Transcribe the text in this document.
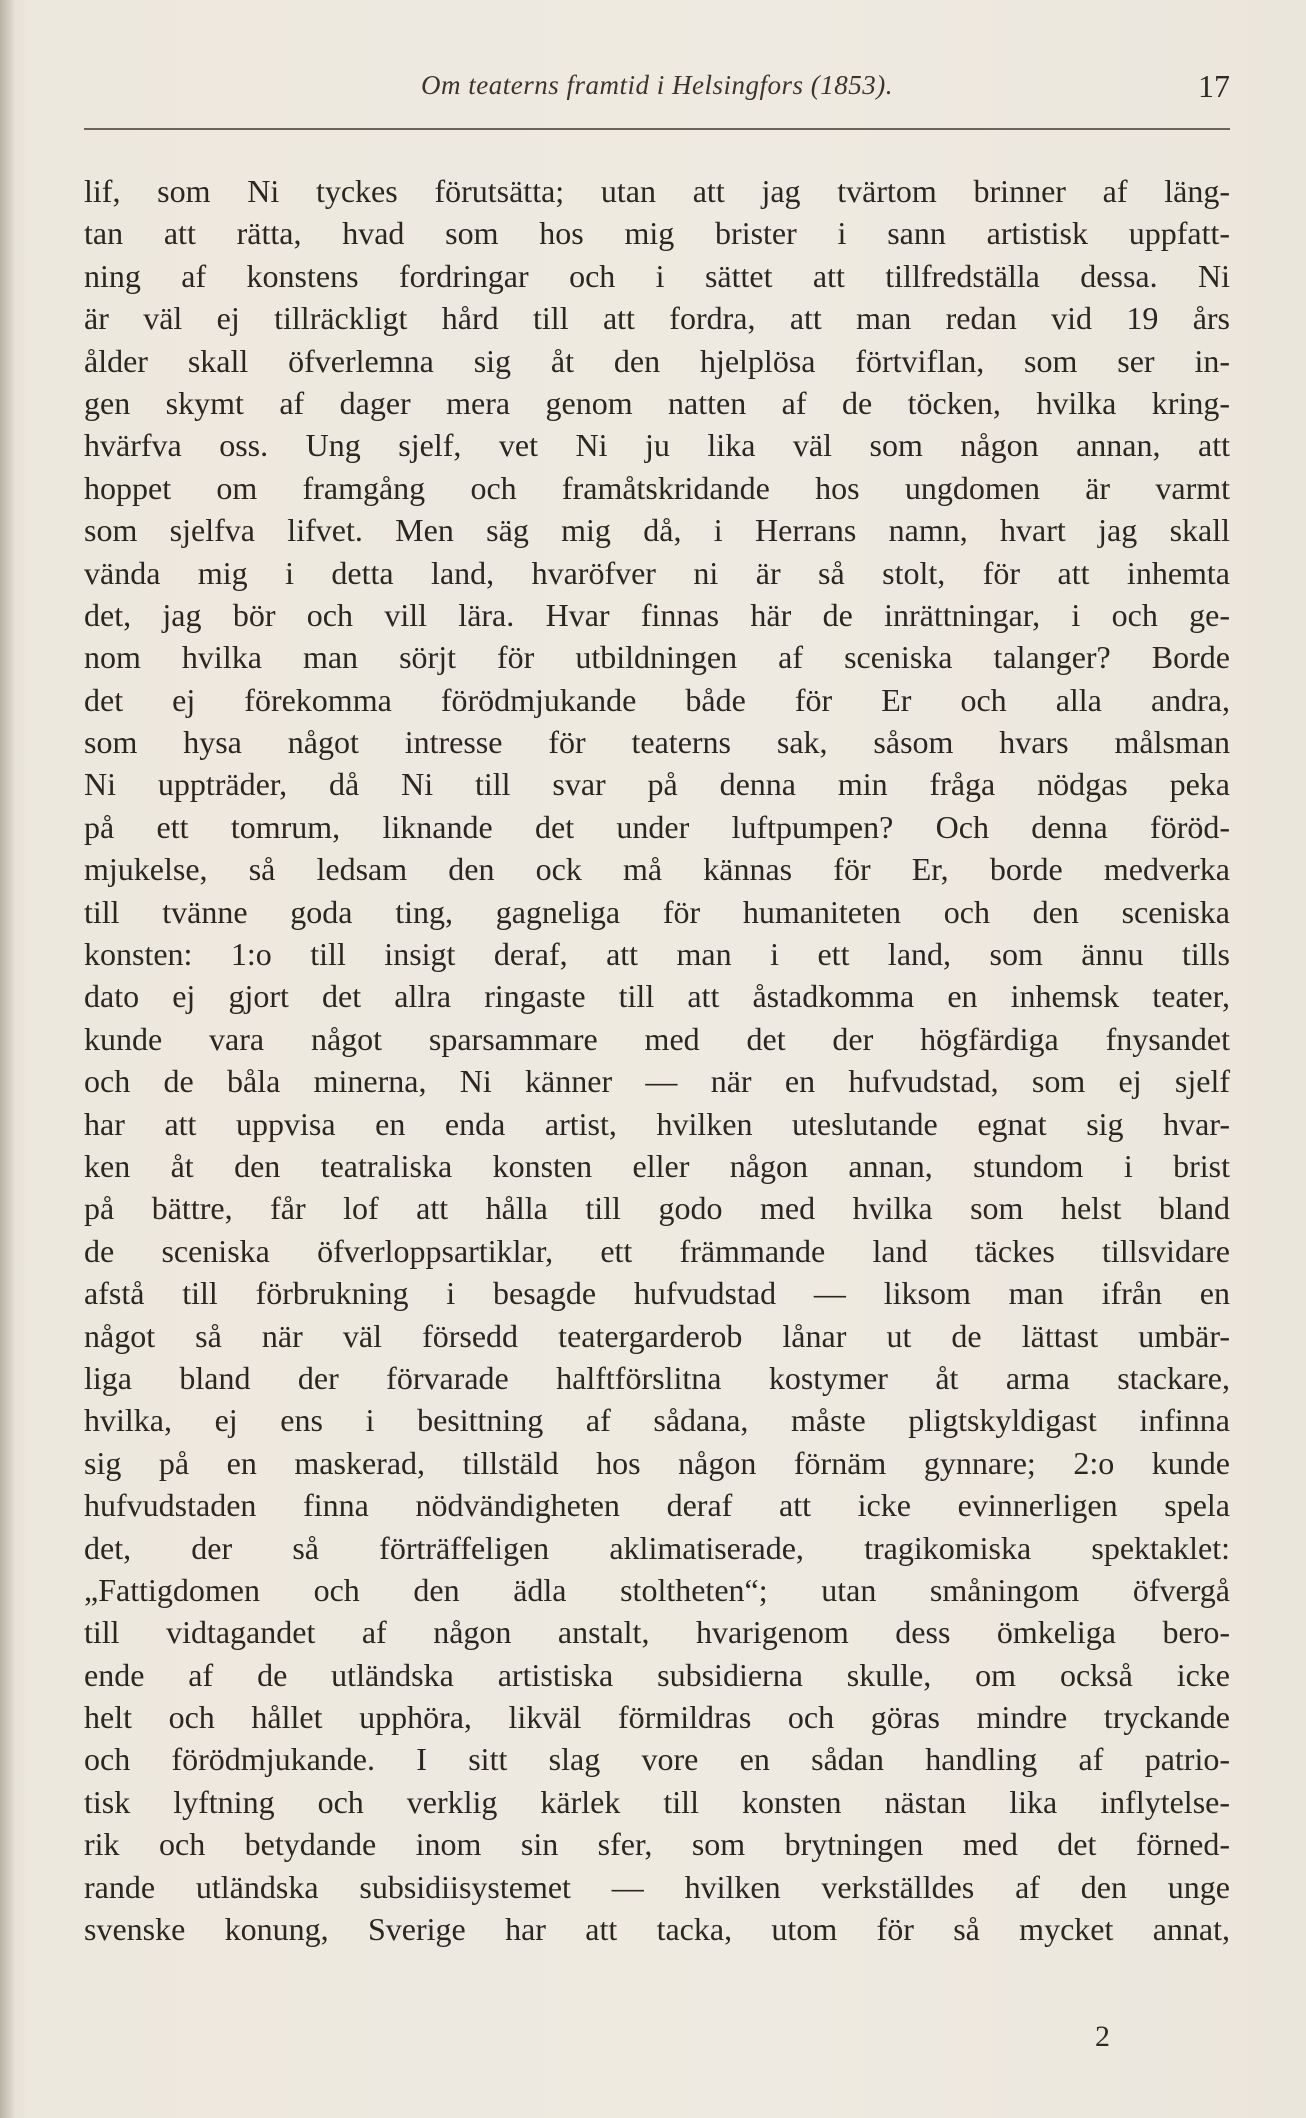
Om teaterns framtid i Helsingfors (1853).	17
lif, som Ni tyckes förutsätta; utan att jag tvärtom brinner af läng-
tan att rätta, hvad som hos mig brister i sann artistisk uppfatt-
ning af konstens fordringar och i sättet att tillfredställa dessa. Ni
är väl ej tillräckligt hård till att fordra, att man redan vid 19 års
ålder skall öfverlemna sig åt den hjelplösa förtviflan, som ser in-
gen skymt af dager mera genom natten af de töcken, hvilka kring-
hvärfva oss. Ung sjelf, vet Ni ju lika väl som någon annan, att
hoppet om framgång och framåtskridande hos ungdomen är varmt
som sjelfva lifvet. Men säg mig då, i Herrans namn, hvart jag skall
vända mig i detta land, hvaröfver ni är så stolt, för att inhemta
det, jag bör och vill lära. Hvar finnas här de inrättningar, i och ge-
nom hvilka man sörjt för utbildningen af sceniska talanger? Borde
det ej förekomma förödmjukande både för Er och alla andra,
som hysa något intresse för teaterns sak, såsom hvars målsman
Ni uppträder, då Ni till svar på denna min fråga nödgas peka
på ett tomrum, liknande det under luftpumpen? Och denna föröd-
mjukelse, så ledsam den ock må kännas för Er, borde medverka
till tvänne goda ting, gagneliga för humaniteten och den sceniska
konsten: 1:o till insigt deraf, att man i ett land, som ännu tills
dato ej gjort det allra ringaste till att åstadkomma en inhemsk teater,
kunde vara något sparsammare med det der högfärdiga fnysandet
och de båla minerna, Ni känner — när en hufvudstad, som ej sjelf
har att uppvisa en enda artist, hvilken uteslutande egnat sig hvar-
ken åt den teatraliska konsten eller någon annan, stundom i brist
på bättre, får lof att hålla till godo med hvilka som helst bland
de sceniska öfverloppsartiklar, ett främmande land täckes tillsvidare
afstå till förbrukning i besagde hufvudstad — liksom man ifrån en
något så när väl försedd teatergarderob lånar ut de lättast umbär-
liga bland der förvarade halftförslitna kostymer åt arma stackare,
hvilka, ej ens i besittning af sådana, måste pligtskyldigast infinna
sig på en maskerad, tillstäld hos någon förnäm gynnare; 2:o kunde
hufvudstaden finna nödvändigheten deraf att icke evinnerligen spela
det, der så förträffeligen aklimatiserade, tragikomiska spektaklet:
„Fattigdomen och den ädla stoltheten“; utan småningom öfvergå
till vidtagandet af någon anstalt, hvarigenom dess ömkeliga bero-
ende af de utländska artistiska subsidierna skulle, om också icke
helt och hållet upphöra, likväl förmildras och göras mindre tryckande
och förödmjukande. I sitt slag vore en sådan handling af patrio-
tisk lyftning och verklig kärlek till konsten nästan lika inflytelse-
rik och betydande inom sin sfer, som brytningen med det förned-
rande utländska subsidiisystemet — hvilken verkställdes af den unge
svenske konung, Sverige har att tacka, utom för så mycket annat,
2
